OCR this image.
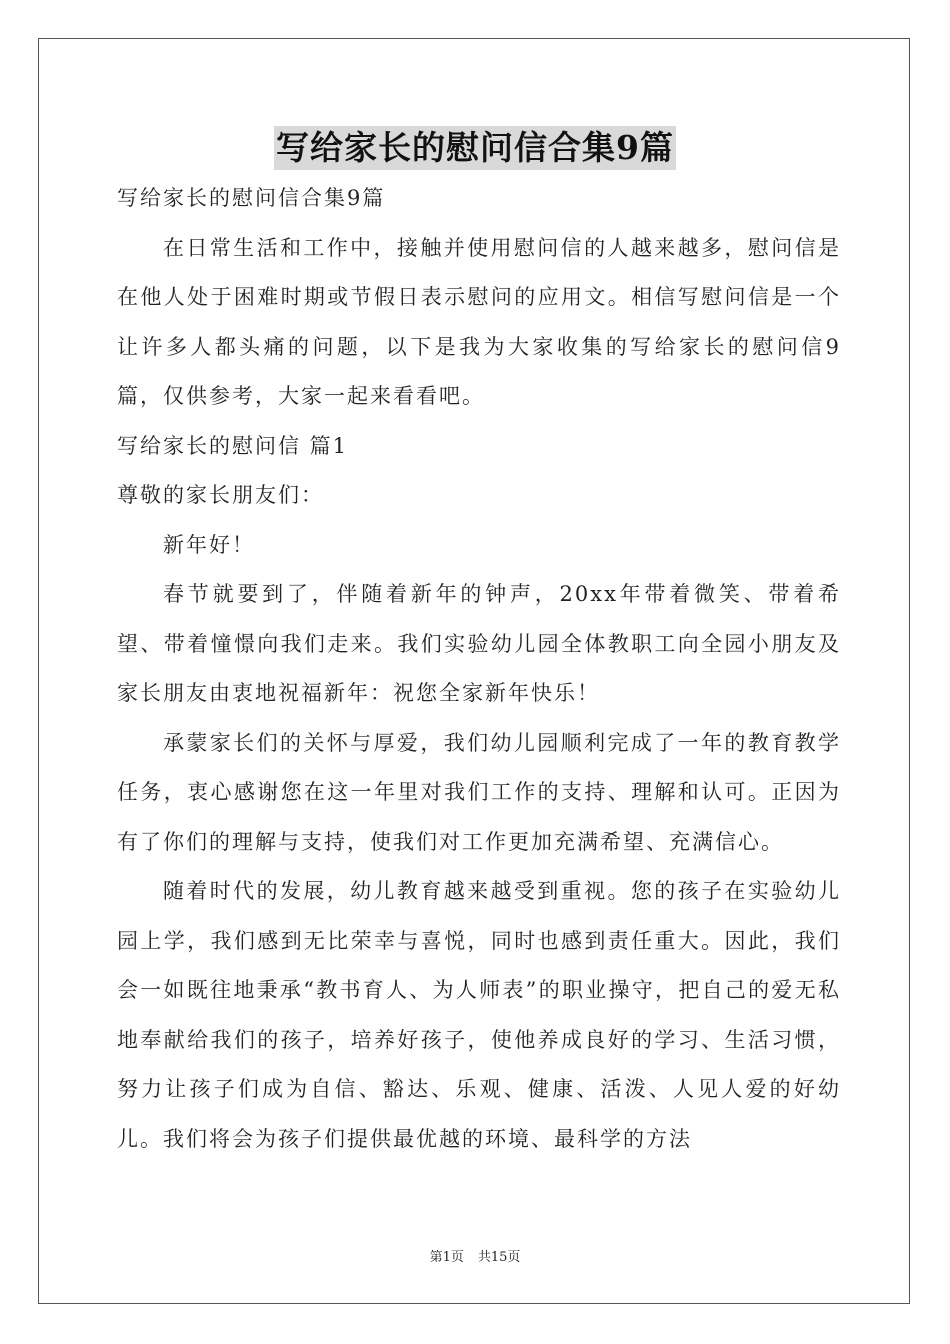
写给家长的慰问信合集9篇

写给家长的慰问信合集9篇

在日常生活和工作中，接触并使用慰问信的人越来越多，慰问信是在他人处于困难时期或节假日表示慰问的应用文。相信写慰问信是一个让许多人都头痛的问题，以下是我为大家收集的写给家长的慰问信9篇，仅供参考，大家一起来看看吧。

写给家长的慰问信 篇1

尊敬的家长朋友们：

新年好！

春节就要到了，伴随着新年的钟声，20xx年带着微笑、带着希望、带着憧憬向我们走来。我们实验幼儿园全体教职工向全园小朋友及家长朋友由衷地祝福新年：祝您全家新年快乐！

承蒙家长们的关怀与厚爱，我们幼儿园顺利完成了一年的教育教学任务，衷心感谢您在这一年里对我们工作的支持、理解和认可。正因为有了你们的理解与支持，使我们对工作更加充满希望、充满信心。

随着时代的发展，幼儿教育越来越受到重视。您的孩子在实验幼儿园上学，我们感到无比荣幸与喜悦，同时也感到责任重大。因此，我们会一如既往地秉承“教书育人、为人师表”的职业操守，把自己的爱无私地奉献给我们的孩子，培养好孩子，使他养成良好的学习、生活习惯，努力让孩子们成为自信、豁达、乐观、健康、活泼、人见人爱的好幼儿。我们将会为孩子们提供最优越的环境、最科学的方法

第1页 共15页
